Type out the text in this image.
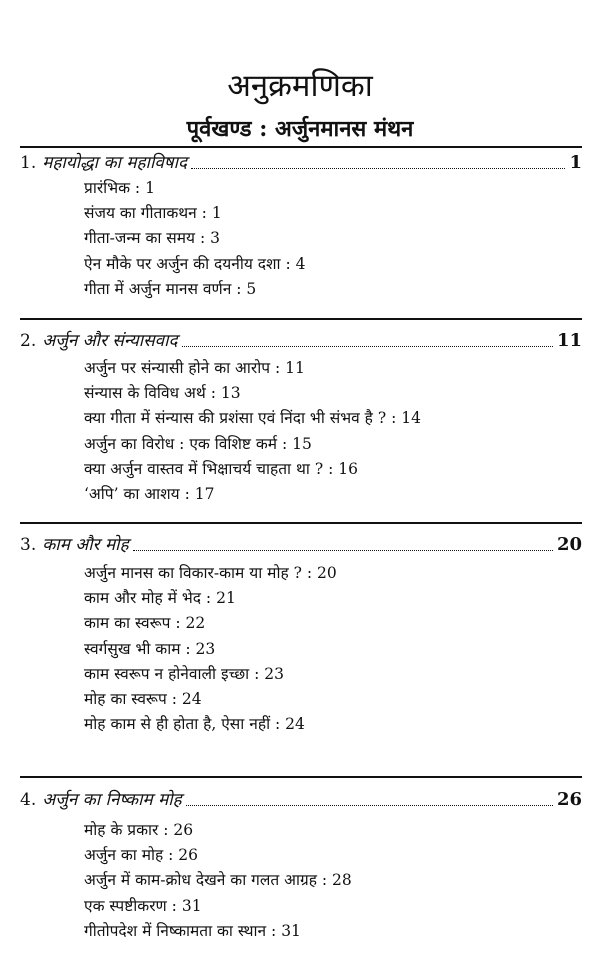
अनुक्रमणिका
पूर्वखण्ड : अर्जुनमानस मंथन
1. महायोद्धा का महाविषाद	1
प्रारंभिक : 1
संजय का गीताकथन : 1
गीता-जन्म का समय : 3
ऐन मौके पर अर्जुन की दयनीय दशा : 4
गीता में अर्जुन मानस वर्णन : 5
2. अर्जुन और संन्यासवाद	11
अर्जुन पर संन्यासी होने का आरोप : 11
संन्यास के विविध अर्थ : 13
क्या गीता में संन्यास की प्रशंसा एवं निंदा भी संभव है ? : 14
अर्जुन का विरोध : एक विशिष्ट कर्म : 15
क्या अर्जुन वास्तव में भिक्षाचर्य चाहता था ? : 16
‘अपि’ का आशय : 17
3. काम और मोह	20
अर्जुन मानस का विकार-काम या मोह ? : 20
काम और मोह में भेद : 21
काम का स्वरूप : 22
स्वर्गसुख भी काम : 23
काम स्वरूप न होनेवाली इच्छा : 23
मोह का स्वरूप : 24
मोह काम से ही होता है, ऐसा नहीं : 24
4. अर्जुन का निष्काम मोह	26
मोह के प्रकार : 26
अर्जुन का मोह : 26
अर्जुन में काम-क्रोध देखने का गलत आग्रह : 28
एक स्पष्टीकरण : 31
गीतोपदेश में निष्कामता का स्थान : 31
